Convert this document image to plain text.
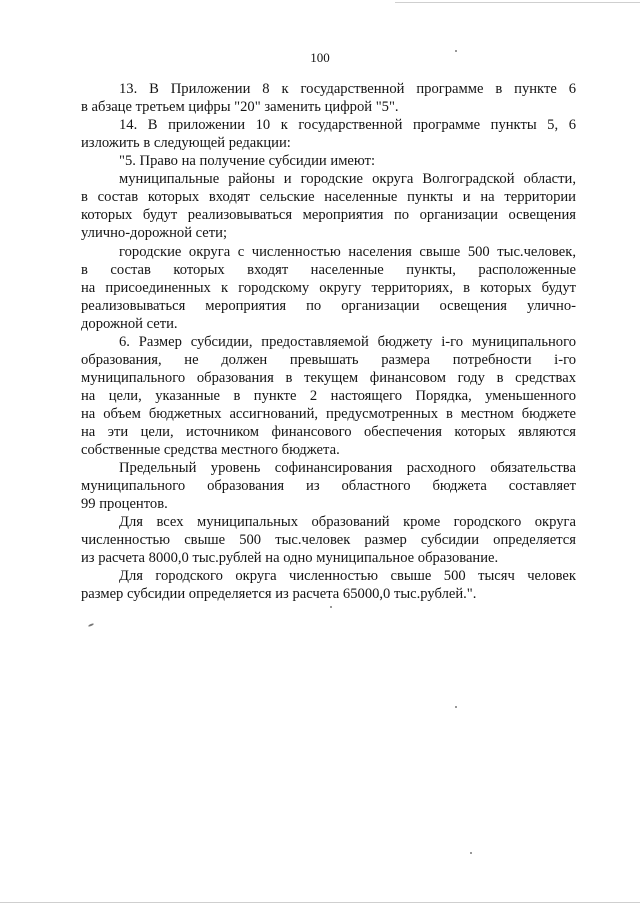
100
13. В Приложении 8 к государственной программе в пункте 6
в абзаце третьем цифры "20" заменить цифрой "5".
14. В приложении 10 к государственной программе пункты 5, 6
изложить в следующей редакции:
"5. Право на получение субсидии имеют:
муниципальные районы и городские округа Волгоградской области,
в состав которых входят сельские населенные пункты и на территории
которых будут реализовываться мероприятия по организации освещения
улично-дорожной сети;
городские округа с численностью населения свыше 500 тыс.человек,
в состав которых входят населенные пункты, расположенные
на присоединенных к городскому округу территориях, в которых будут
реализовываться мероприятия по организации освещения улично-
дорожной сети.
6. Размер субсидии, предоставляемой бюджету i-го муниципального
образования, не должен превышать размера потребности i-го
муниципального образования в текущем финансовом году в средствах
на цели, указанные в пункте 2 настоящего Порядка, уменьшенного
на объем бюджетных ассигнований, предусмотренных в местном бюджете
на эти цели, источником финансового обеспечения которых являются
собственные средства местного бюджета.
Предельный уровень софинансирования расходного обязательства
муниципального образования из областного бюджета составляет
99 процентов.
Для всех муниципальных образований кроме городского округа
численностью свыше 500 тыс.человек размер субсидии определяется
из расчета 8000,0 тыс.рублей на одно муниципальное образование.
Для городского округа численностью свыше 500 тысяч человек
размер субсидии определяется из расчета 65000,0 тыс.рублей.".
